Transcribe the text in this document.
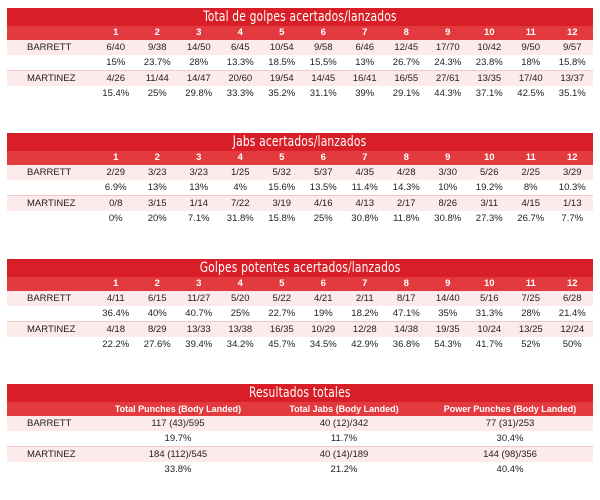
Total de golpes acertados/lanzados
	1	2	3	4	5	6	7	8	9	10	11	12
BARRETT	6/40	9/38	14/50	6/45	10/54	9/58	6/46	12/45	17/70	10/42	9/50	9/57
	15%	23.7%	28%	13.3%	18.5%	15.5%	13%	26.7%	24.3%	23.8%	18%	15.8%
MARTINEZ	4/26	11/44	14/47	20/60	19/54	14/45	16/41	16/55	27/61	13/35	17/40	13/37
	15.4%	25%	29.8%	33.3%	35.2%	31.1%	39%	29.1%	44.3%	37.1%	42.5%	35.1%
Jabs acertados/lanzados
	1	2	3	4	5	6	7	8	9	10	11	12
BARRETT	2/29	3/23	3/23	1/25	5/32	5/37	4/35	4/28	3/30	5/26	2/25	3/29
	6.9%	13%	13%	4%	15.6%	13.5%	11.4%	14.3%	10%	19.2%	8%	10.3%
MARTINEZ	0/8	3/15	1/14	7/22	3/19	4/16	4/13	2/17	8/26	3/11	4/15	1/13
	0%	20%	7.1%	31.8%	15.8%	25%	30.8%	11.8%	30.8%	27.3%	26.7%	7.7%
Golpes potentes acertados/lanzados
	1	2	3	4	5	6	7	8	9	10	11	12
BARRETT	4/11	6/15	11/27	5/20	5/22	4/21	2/11	8/17	14/40	5/16	7/25	6/28
	36.4%	40%	40.7%	25%	22.7%	19%	18.2%	47.1%	35%	31.3%	28%	21.4%
MARTINEZ	4/18	8/29	13/33	13/38	16/35	10/29	12/28	14/38	19/35	10/24	13/25	12/24
	22.2%	27.6%	39.4%	34.2%	45.7%	34.5%	42.9%	36.8%	54.3%	41.7%	52%	50%
Resultados totales
	Total Punches (Body Landed)	Total Jabs (Body Landed)	Power Punches (Body Landed)
BARRETT	117 (43)/595	40 (12)/342	77 (31)/253
	19.7%	11.7%	30.4%
MARTINEZ	184 (112)/545	40 (14)/189	144 (98)/356
	33.8%	21.2%	40.4%
